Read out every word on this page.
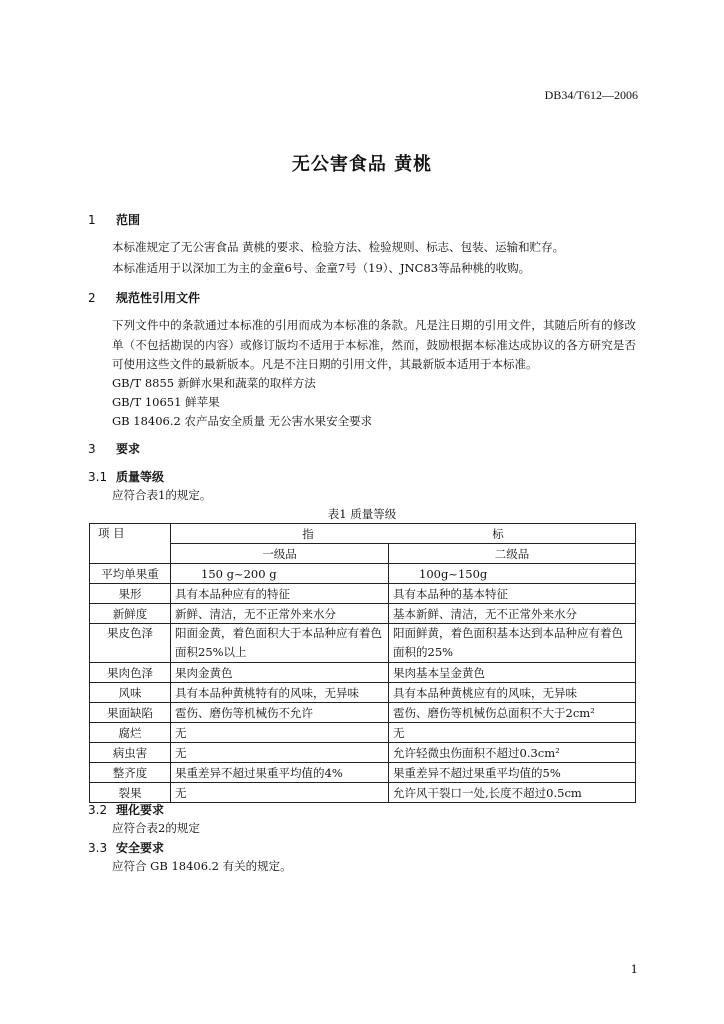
DB34/T612—2006
无公害食品 黄桃
1 范围
本标准规定了无公害食品 黄桃的要求、检验方法、检验规则、标志、包装、运输和贮存。
本标准适用于以深加工为主的金童6号、金童7号（19）、JNC83等品种桃的收购。
2 规范性引用文件
下列文件中的条款通过本标准的引用而成为本标准的条款。凡是注日期的引用文件，其随后所有的修改单（不包括勘误的内容）或修订版均不适用于本标准，然而，鼓励根据本标准达成协议的各方研究是否可使用这些文件的最新版本。凡是不注日期的引用文件，其最新版本适用于本标准。
GB/T 8855 新鲜水果和蔬菜的取样方法
GB/T 10651 鲜苹果
GB 18406.2 农产品安全质量 无公害水果安全要求
3 要求
3.1 质量等级
应符合表1的规定。
表1 质量等级
项 目	指 标	
	一级品	二级品
平均单果重	150 g~200 g	100g~150g
果形	具有本品种应有的特征	具有本品种的基本特征
新鲜度	新鲜、清洁，无不正常外来水分	基本新鲜、清洁，无不正常外来水分
果皮色泽	阳面金黄，着色面积大于本品种应有着色面积25%以上	阳面鲜黄，着色面积基本达到本品种应有着色面积的25%
果肉色泽	果肉金黄色	果肉基本呈金黄色
风味	具有本品种黄桃特有的风味，无异味	具有本品种黄桃应有的风味，无异味
果面缺陷	雹伤、磨伤等机械伤不允许	雹伤、磨伤等机械伤总面积不大于2cm²
腐烂	无	无
病虫害	无	允许轻微虫伤面积不超过0.3cm²
整齐度	果重差异不超过果重平均值的4%	果重差异不超过果重平均值的5%
裂果	无	允许风干裂口一处,长度不超过0.5cm
3.2 理化要求
应符合表2的规定
3.3 安全要求
应符合 GB 18406.2 有关的规定。
1
